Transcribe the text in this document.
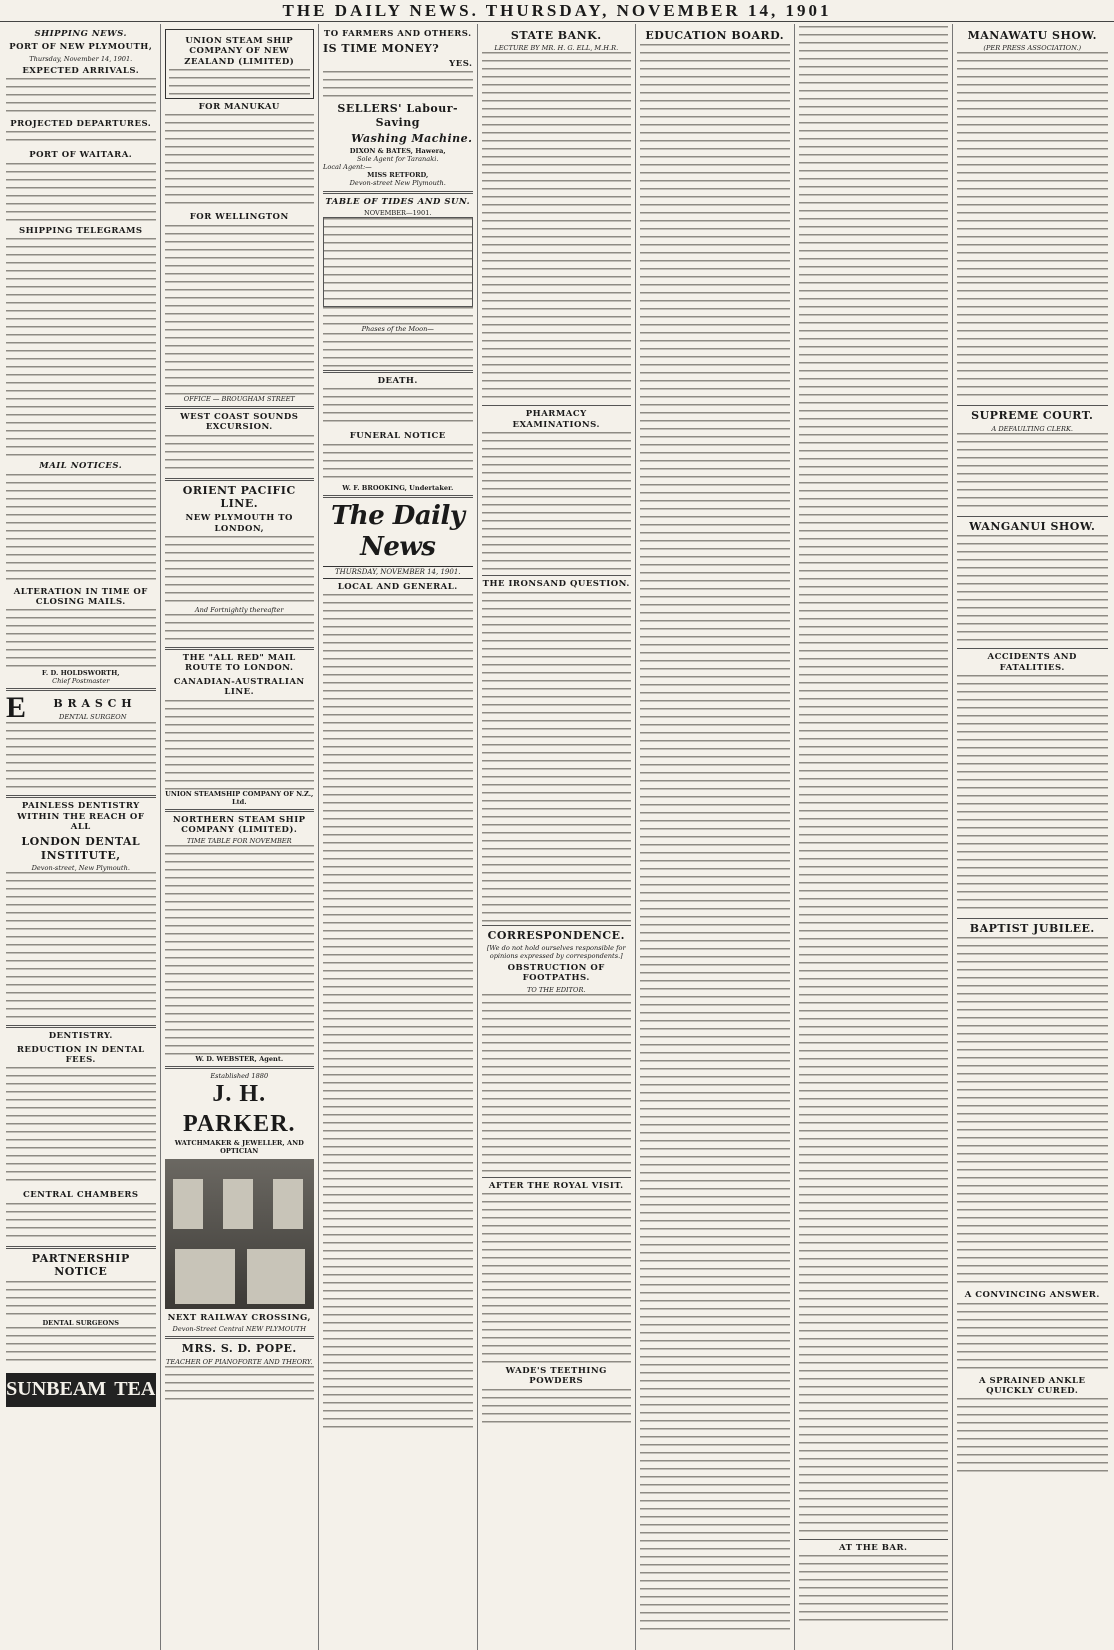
THE DAILY NEWS. THURSDAY, NOVEMBER 14, 1901
SHIPPING NEWS.
PORT OF NEW PLYMOUTH,
Thursday, November 14, 1901.
EXPECTED ARRIVALS.
PROJECTED DEPARTURES.
PORT OF WAITARA.
SHIPPING TELEGRAMS
MAIL NOTICES.
ALTERATION IN TIME OF CLOSING MAILS.
F. D. HOLDSWORTH,
Chief Postmaster
E	B R A S C H
DENTAL SURGEON
PAINLESS DENTISTRY WITHIN THE REACH OF ALL
LONDON DENTAL INSTITUTE,
Devon-street, New Plymouth.
DENTISTRY.
REDUCTION IN DENTAL FEES.
CENTRAL CHAMBERS
PARTNERSHIP NOTICE
DENTAL SURGEONS
SUNBEAM TEA
UNION STEAM SHIP COMPANY OF NEW ZEALAND (LIMITED)
FOR MANUKAU
FOR WELLINGTON
OFFICE — BROUGHAM STREET
WEST COAST SOUNDS EXCURSION.
ORIENT PACIFIC LINE.
NEW PLYMOUTH TO LONDON,
And Fortnightly thereafter
THE "ALL RED" MAIL ROUTE TO LONDON.
CANADIAN-AUSTRALIAN LINE.
UNION STEAMSHIP COMPANY OF N.Z., Ltd.
NORTHERN STEAM SHIP COMPANY (LIMITED).
TIME TABLE FOR NOVEMBER
W. D. WEBSTER, Agent.
Established 1880
J. H. PARKER.
WATCHMAKER & JEWELLER, AND OPTICIAN
NEXT RAILWAY CROSSING,
Devon-Street Central NEW PLYMOUTH
MRS. S. D. POPE.
TEACHER OF PIANOFORTE AND THEORY.
TO FARMERS AND OTHERS.
IS TIME MONEY?
YES.
SELLERS' Labour-Saving
Washing Machine.
DIXON & BATES, Hawera,
Sole Agent for Taranaki.
Local Agent:—
MISS RETFORD,
Devon-street New Plymouth.
TABLE OF TIDES AND SUN.
NOVEMBER—1901.
Phases of the Moon—
DEATH.
FUNERAL NOTICE
W. F. BROOKING, Undertaker.
The Daily News
THURSDAY, NOVEMBER 14, 1901.
LOCAL AND GENERAL.
STATE BANK.
LECTURE BY MR. H. G. ELL, M.H.R.
PHARMACY EXAMINATIONS.
THE IRONSAND QUESTION.
CORRESPONDENCE.
[We do not hold ourselves responsible for opinions expressed by correspondents.]
OBSTRUCTION OF FOOTPATHS.
TO THE EDITOR.
AFTER THE ROYAL VISIT.
WADE'S TEETHING POWDERS
EDUCATION BOARD.
AT THE BAR.
MANAWATU SHOW.
(PER PRESS ASSOCIATION.)
SUPREME COURT.
A DEFAULTING CLERK.
WANGANUI SHOW.
ACCIDENTS AND FATALITIES.
BAPTIST JUBILEE.
A CONVINCING ANSWER.
A SPRAINED ANKLE QUICKLY CURED.
